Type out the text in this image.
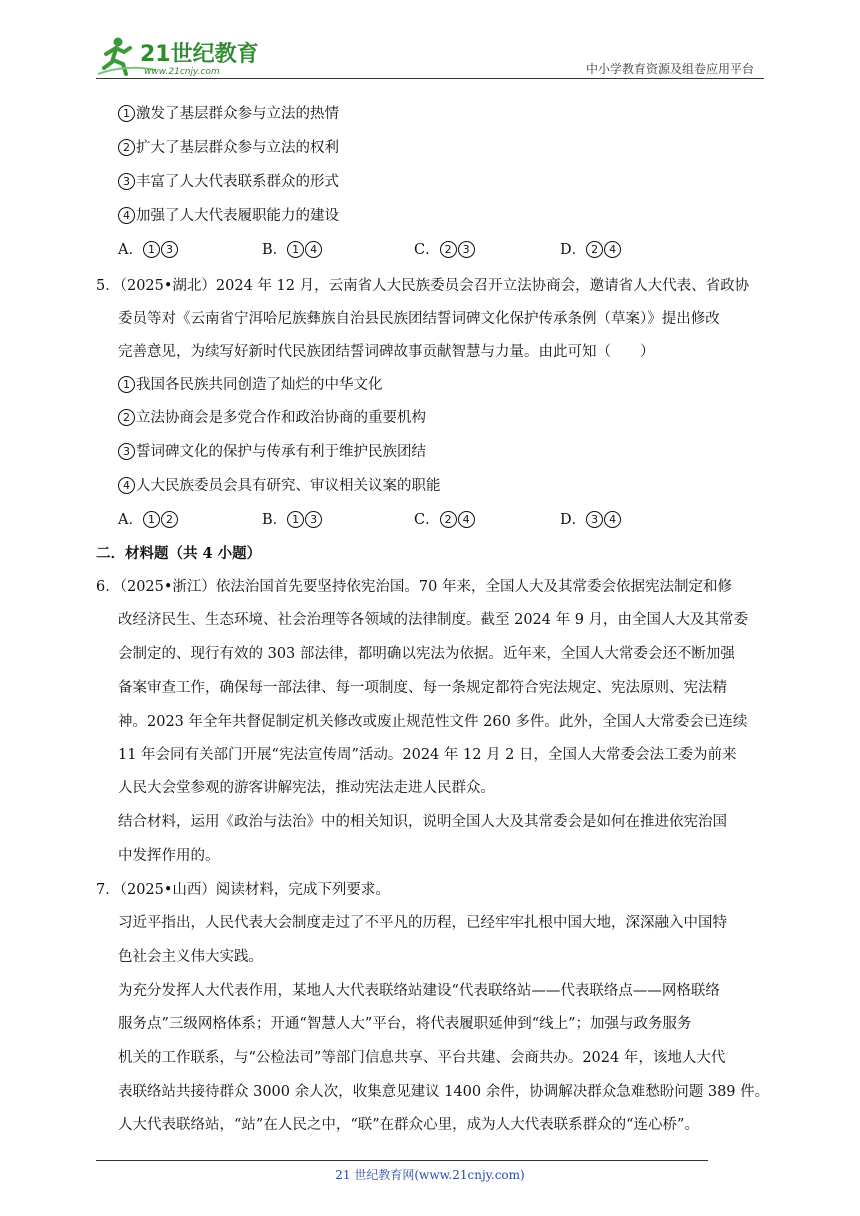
21世纪教育
www.21cnjy.com	中小学教育资源及组卷应用平台
1 激发了基层群众参与立法的热情
2 扩大了基层群众参与立法的权利
3 丰富了人大代表联系群众的形式
4 加强了人大代表履职能力的建设
A． 1 3	B． 1 4	C． 2 3	D． 2 4
5．（2025•湖北）2024 年 12 月，云南省人大民族委员会召开立法协商会，邀请省人大代表、省政协
委员等对《云南省宁洱哈尼族彝族自治县民族团结誓词碑文化保护传承条例（草案）》提出修改
完善意见，为续写好新时代民族团结誓词碑故事贡献智慧与力量。由此可知（　　）
1 我国各民族共同创造了灿烂的中华文化
2 立法协商会是多党合作和政治协商的重要机构
3 誓词碑文化的保护与传承有利于维护民族团结
4 人大民族委员会具有研究、审议相关议案的职能
A． 1 2	B． 1 3	C． 2 4	D． 3 4
二．材料题（共 4 小题）
6．（2025•浙江）依法治国首先要坚持依宪治国。70 年来，全国人大及其常委会依据宪法制定和修
改经济民生、生态环境、社会治理等各领域的法律制度。截至 2024 年 9 月，由全国人大及其常委
会制定的、现行有效的 303 部法律，都明确以宪法为依据。近年来，全国人大常委会还不断加强
备案审查工作，确保每一部法律、每一项制度、每一条规定都符合宪法规定、宪法原则、宪法精
神。2023 年全年共督促制定机关修改或废止规范性文件 260 多件。此外，全国人大常委会已连续
11 年会同有关部门开展“宪法宣传周”活动。2024 年 12 月 2 日，全国人大常委会法工委为前来
人民大会堂参观的游客讲解宪法，推动宪法走进人民群众。
结合材料，运用《政治与法治》中的相关知识，说明全国人大及其常委会是如何在推进依宪治国
中发挥作用的。
7．（2025•山西）阅读材料，完成下列要求。
习近平指出，人民代表大会制度走过了不平凡的历程，已经牢牢扎根中国大地，深深融入中国特
色社会主义伟大实践。
为充分发挥人大代表作用，某地人大代表联络站建设“代表联络站——代表联络点——网格联络
服务点”三级网格体系；开通“智慧人大”平台，将代表履职延伸到“线上”；加强与政务服务
机关的工作联系，与“公检法司”等部门信息共享、平台共建、会商共办。2024 年，该地人大代
表联络站共接待群众 3000 余人次，收集意见建议 1400 余件，协调解决群众急难愁盼问题 389 件。
人大代表联络站，“站”在人民之中，“联”在群众心里，成为人大代表联系群众的“连心桥”。
21 世纪教育网(www.21cnjy.com)
